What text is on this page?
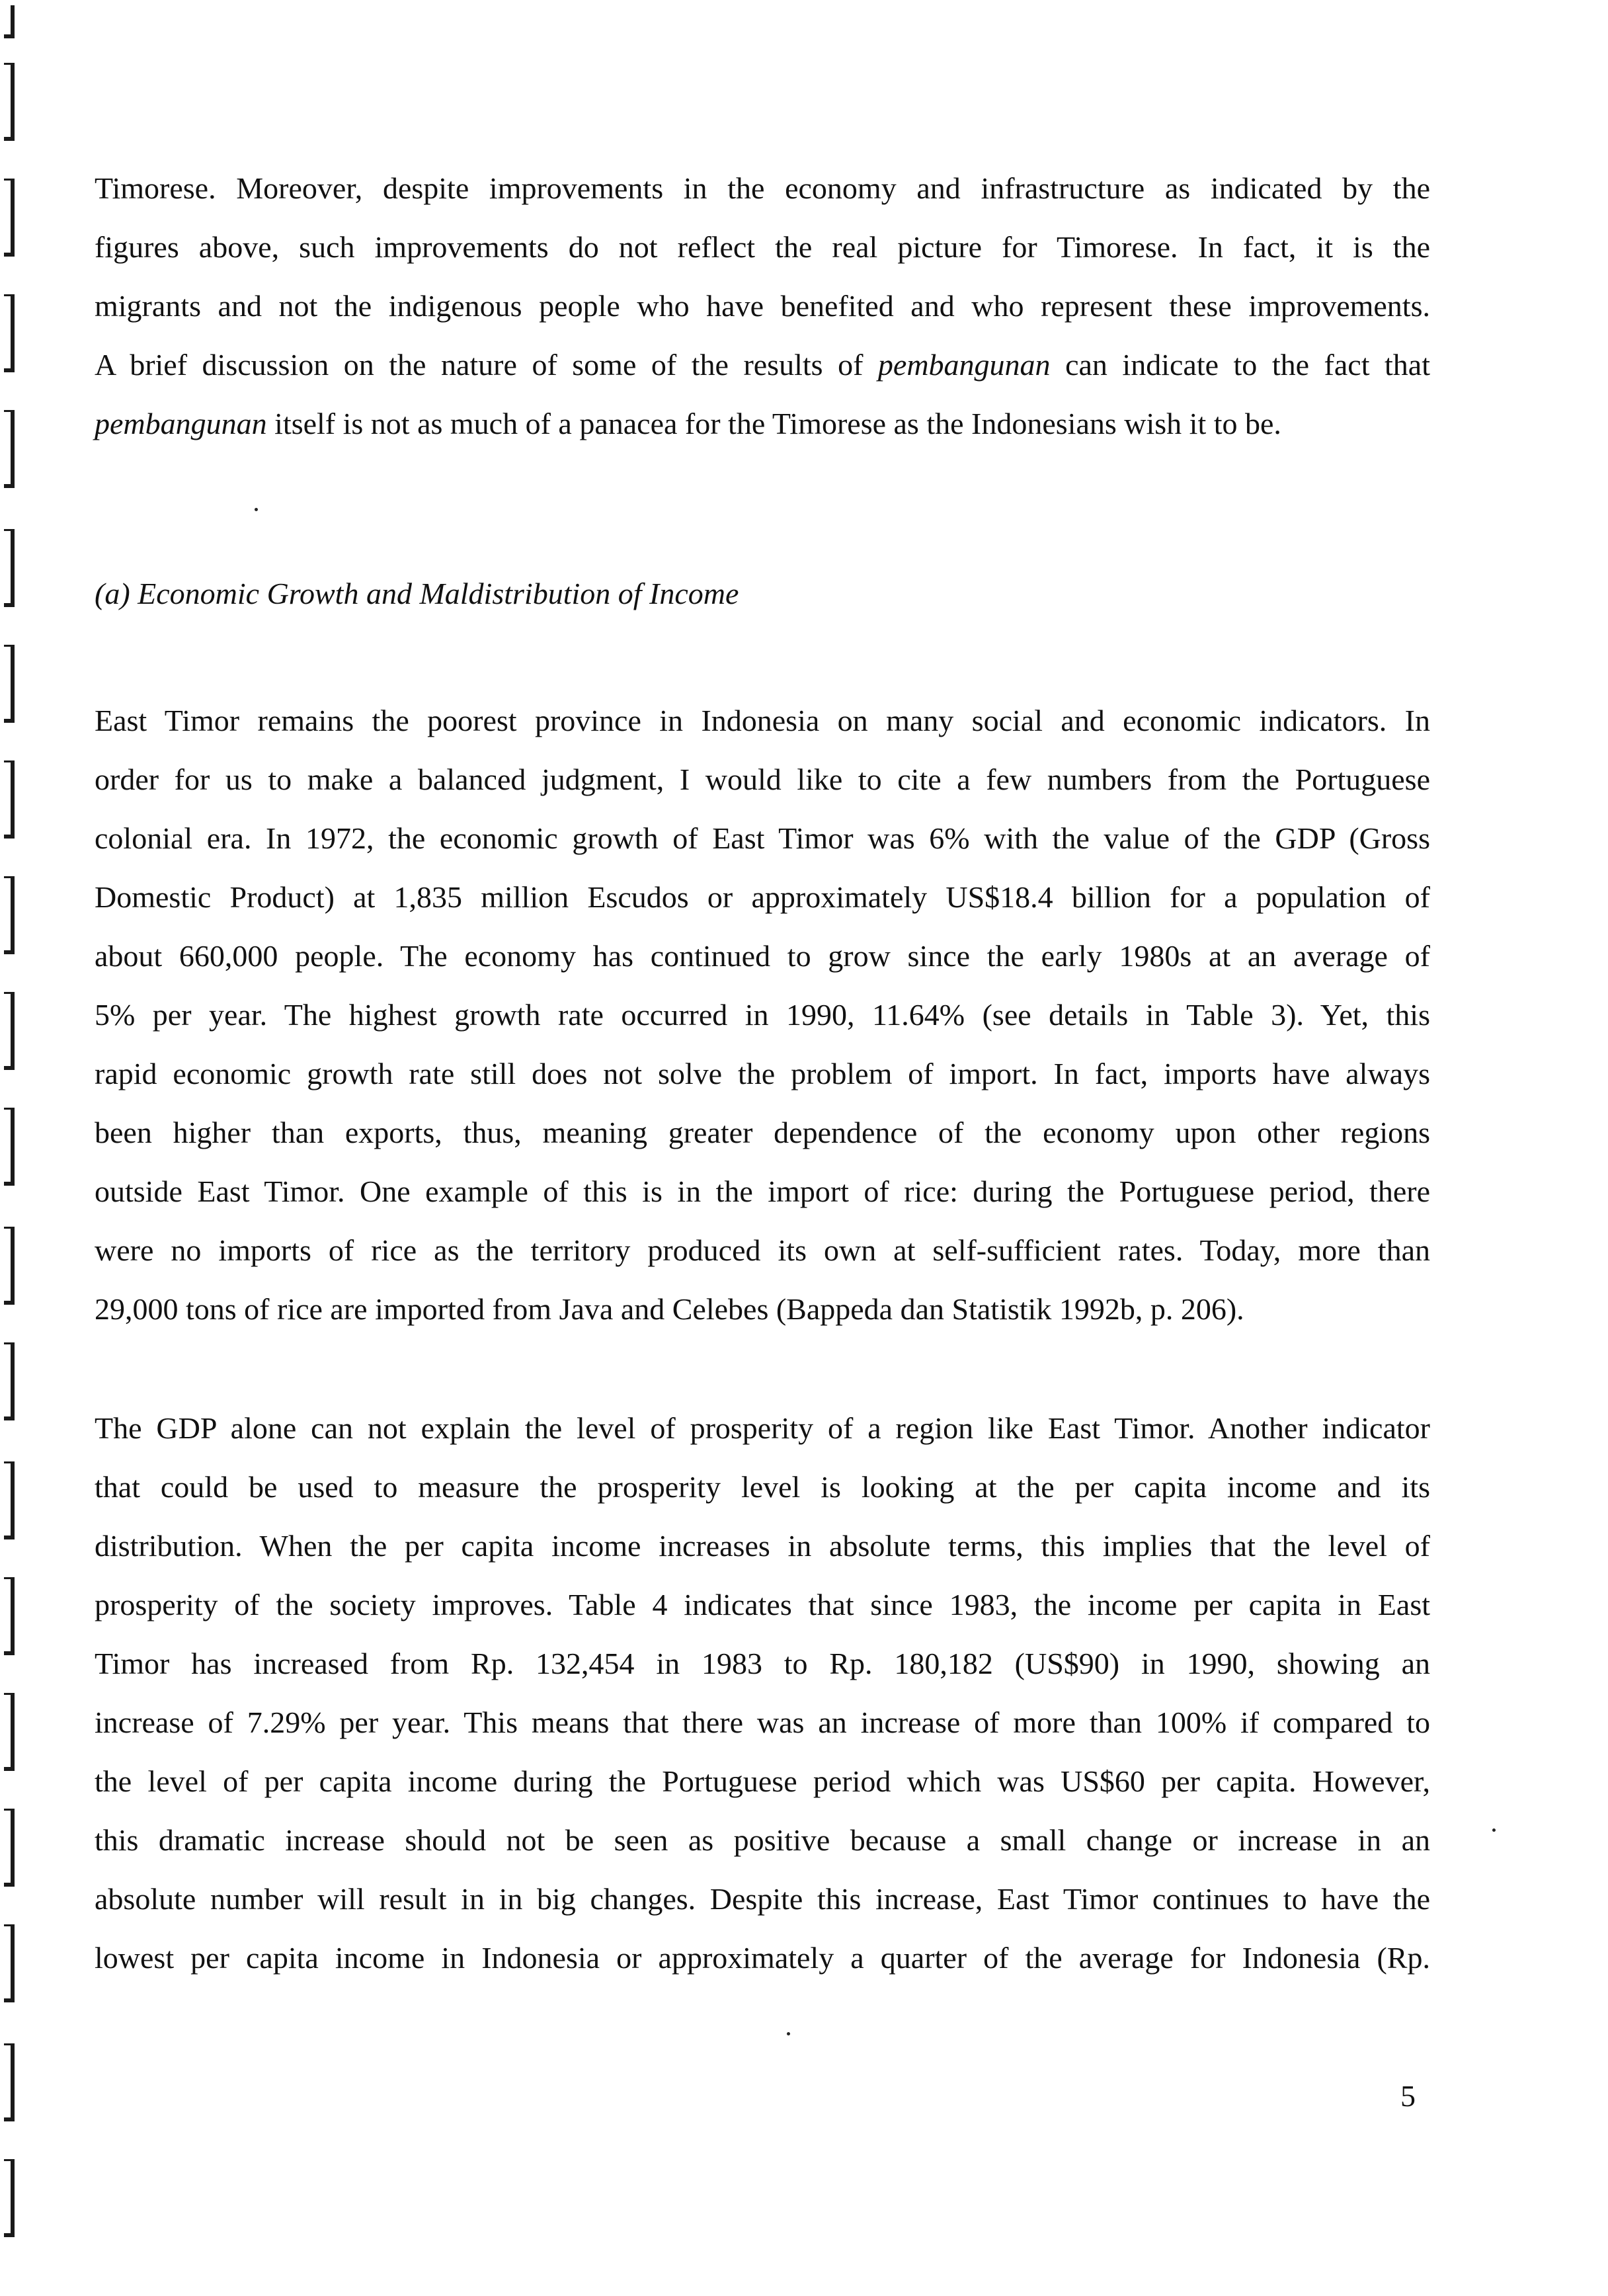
Timorese. Moreover, despite improvements in the economy and infrastructure as indicated by the
figures above, such improvements do not reflect the real picture for Timorese. In fact, it is the
migrants and not the indigenous people who have benefited and who represent these improvements.
A brief discussion on the nature of some of the results of pembangunan can indicate to the fact that
pembangunan itself is not as much of a panacea for the Timorese as the Indonesians wish it to be.
(a) Economic Growth and Maldistribution of Income
East Timor remains the poorest province in Indonesia on many social and economic indicators. In
order for us to make a balanced judgment, I would like to cite a few numbers from the Portuguese
colonial era. In 1972, the economic growth of East Timor was 6% with the value of the GDP (Gross
Domestic Product) at 1,835 million Escudos or approximately US$18.4 billion for a population of
about 660,000 people. The economy has continued to grow since the early 1980s at an average of
5% per year. The highest growth rate occurred in 1990, 11.64% (see details in Table 3). Yet, this
rapid economic growth rate still does not solve the problem of import. In fact, imports have always
been higher than exports, thus, meaning greater dependence of the economy upon other regions
outside East Timor. One example of this is in the import of rice: during the Portuguese period, there
were no imports of rice as the territory produced its own at self-sufficient rates. Today, more than
29,000 tons of rice are imported from Java and Celebes (Bappeda dan Statistik 1992b, p. 206).
The GDP alone can not explain the level of prosperity of a region like East Timor. Another indicator
that could be used to measure the prosperity level is looking at the per capita income and its
distribution. When the per capita income increases in absolute terms, this implies that the level of
prosperity of the society improves. Table 4 indicates that since 1983, the income per capita in East
Timor has increased from Rp. 132,454 in 1983 to Rp. 180,182 (US$90) in 1990, showing an
increase of 7.29% per year. This means that there was an increase of more than 100% if compared to
the level of per capita income during the Portuguese period which was US$60 per capita. However,
this dramatic increase should not be seen as positive because a small change or increase in an
absolute number will result in in big changes. Despite this increase, East Timor continues to have the
lowest per capita income in Indonesia or approximately a quarter of the average for Indonesia (Rp.
5
